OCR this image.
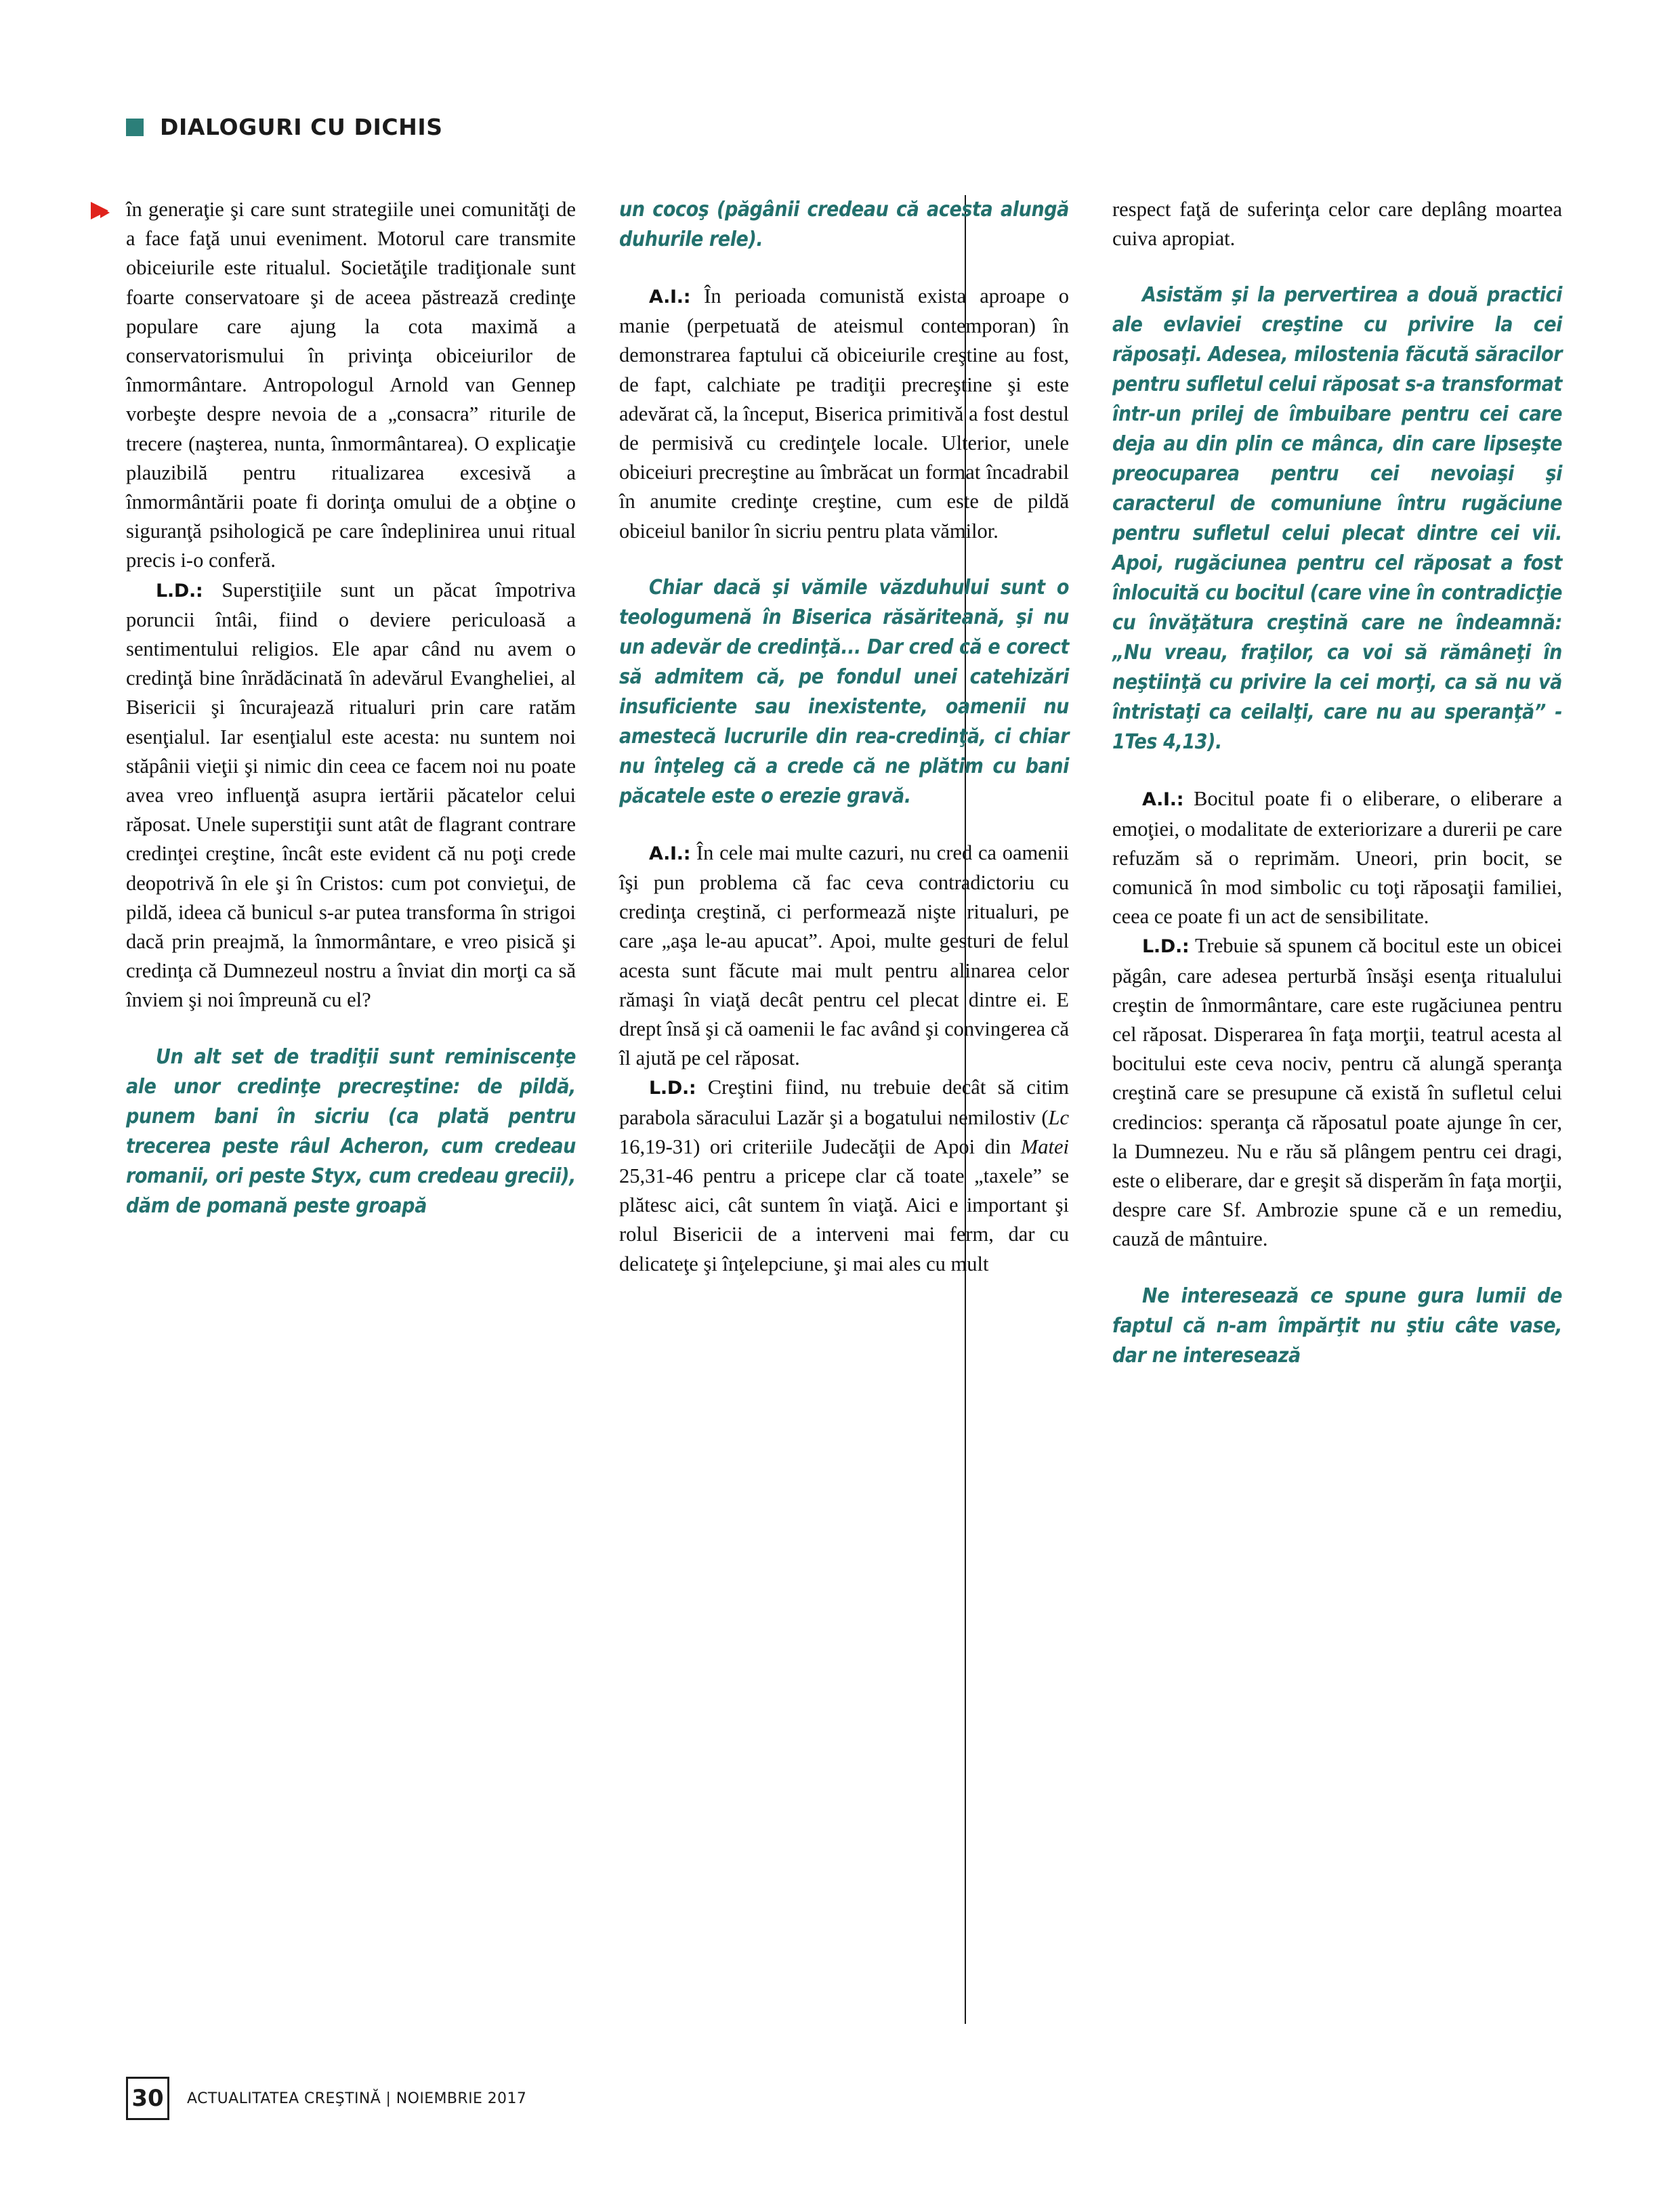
DIALOGURI CU DICHIS

în generaţie şi care sunt strategiile unei comunităţi de a face faţă unui eveniment. Motorul care transmite obiceiurile este ritualul. Societăţile tradiţionale sunt foarte conservatoare şi de aceea păstrează credinţe populare care ajung la cota maximă a conservatorismului în privinţa obiceiurilor de înmormântare. Antropologul Arnold van Gennep vorbeşte despre nevoia de a „consacra” riturile de trecere (naşterea, nunta, înmormântarea). O explicaţie plauzibilă pentru ritualizarea excesivă a înmormântării poate fi dorinţa omului de a obţine o siguranţă psihologică pe care îndeplinirea unui ritual precis i-o conferă.

L.D.: Superstiţiile sunt un păcat împotriva poruncii întâi, fiind o deviere periculoasă a sentimentului religios. Ele apar când nu avem o credinţă bine înrădăcinată în adevărul Evangheliei, al Bisericii şi încurajează ritualuri prin care ratăm esenţialul. Iar esenţialul este acesta: nu suntem noi stăpânii vieţii şi nimic din ceea ce facem noi nu poate avea vreo influenţă asupra iertării păcatelor celui răposat. Unele superstiţii sunt atât de flagrant contrare credinţei creştine, încât este evident că nu poţi crede deopotrivă în ele şi în Cristos: cum pot convieţui, de pildă, ideea că bunicul s-ar putea transforma în strigoi dacă prin preajmă, la înmormântare, e vreo pisică şi credinţa că Dumnezeul nostru a înviat din morţi ca să înviem şi noi împreună cu el?

Un alt set de tradiţii sunt reminiscenţe ale unor credinţe precreştine: de pildă, punem bani în sicriu (ca plată pentru trecerea peste râul Acheron, cum credeau romanii, ori peste Styx, cum credeau grecii), dăm de pomană peste groapă

un cocoş (păgânii credeau că acesta alungă duhurile rele).

A.I.: În perioada comunistă exista aproape o manie (perpetuată de ateismul contemporan) în demonstrarea faptului că obiceiurile creştine au fost, de fapt, calchiate pe tradiţii precreştine şi este adevărat că, la început, Biserica primitivă a fost destul de permisivă cu credinţele locale. Ulterior, unele obiceiuri precreştine au îmbrăcat un format încadrabil în anumite credinţe creştine, cum este de pildă obiceiul banilor în sicriu pentru plata vămilor.

Chiar dacă şi vămile văzduhului sunt o teologumenă în Biserica răsăriteană, şi nu un adevăr de credinţă... Dar cred că e corect să admitem că, pe fondul unei catehizări insuficiente sau inexistente, oamenii nu amestecă lucrurile din rea-credinţă, ci chiar nu înţeleg că a crede că ne plătim cu bani păcatele este o erezie gravă.

A.I.: În cele mai multe cazuri, nu cred ca oamenii îşi pun problema că fac ceva contradictoriu cu credinţa creştină, ci performează nişte ritualuri, pe care „aşa le-au apucat”. Apoi, multe gesturi de felul acesta sunt făcute mai mult pentru alinarea celor rămaşi în viaţă decât pentru cel plecat dintre ei. E drept însă şi că oamenii le fac având şi convingerea că îl ajută pe cel răposat.

L.D.: Creştini fiind, nu trebuie decât să citim parabola săracului Lazăr şi a bogatului nemilostiv (Lc 16,19-31) ori criteriile Judecăţii de Apoi din Matei 25,31-46 pentru a pricepe clar că toate „taxele” se plătesc aici, cât suntem în viaţă. Aici e important şi rolul Bisericii de a interveni mai ferm, dar cu delicateţe şi înţelepciune, şi mai ales cu mult

respect faţă de suferinţa celor care deplâng moartea cuiva apropiat.

Asistăm şi la pervertirea a două practici ale evlaviei creştine cu privire la cei răposaţi. Adesea, milostenia făcută săracilor pentru sufletul celui răposat s-a transformat într-un prilej de îmbuibare pentru cei care deja au din plin ce mânca, din care lipseşte preocuparea pentru cei nevoiaşi şi caracterul de comuniune întru rugăciune pentru sufletul celui plecat dintre cei vii. Apoi, rugăciunea pentru cel răposat a fost înlocuită cu bocitul (care vine în contradicţie cu învăţătura creştină care ne îndeamnă: „Nu vreau, fraţilor, ca voi să rămâneţi în neştiinţă cu privire la cei morţi, ca să nu vă întristaţi ca ceilalţi, care nu au speranţă” - 1Tes 4,13).

A.I.: Bocitul poate fi o eliberare, o eliberare a emoţiei, o modalitate de exteriorizare a durerii pe care refuzăm să o reprimăm. Uneori, prin bocit, se comunică în mod simbolic cu toţi răposaţii familiei, ceea ce poate fi un act de sensibilitate.

L.D.: Trebuie să spunem că bocitul este un obicei păgân, care adesea perturbă însăşi esenţa ritualului creştin de înmormântare, care este rugăciunea pentru cel răposat. Disperarea în faţa morţii, teatrul acesta al bocitului este ceva nociv, pentru că alungă speranţa creştină care se presupune că există în sufletul celui credincios: speranţa că răposatul poate ajunge în cer, la Dumnezeu. Nu e rău să plângem pentru cei dragi, este o eliberare, dar e greşit să disperăm în faţa morţii, despre care Sf. Ambrozie spune că e un remediu, cauză de mântuire.

Ne interesează ce spune gura lumii de faptul că n-am împărţit nu ştiu câte vase, dar ne interesează

30	ACTUALITATEA CREŞTINĂ | NOIEMBRIE 2017
